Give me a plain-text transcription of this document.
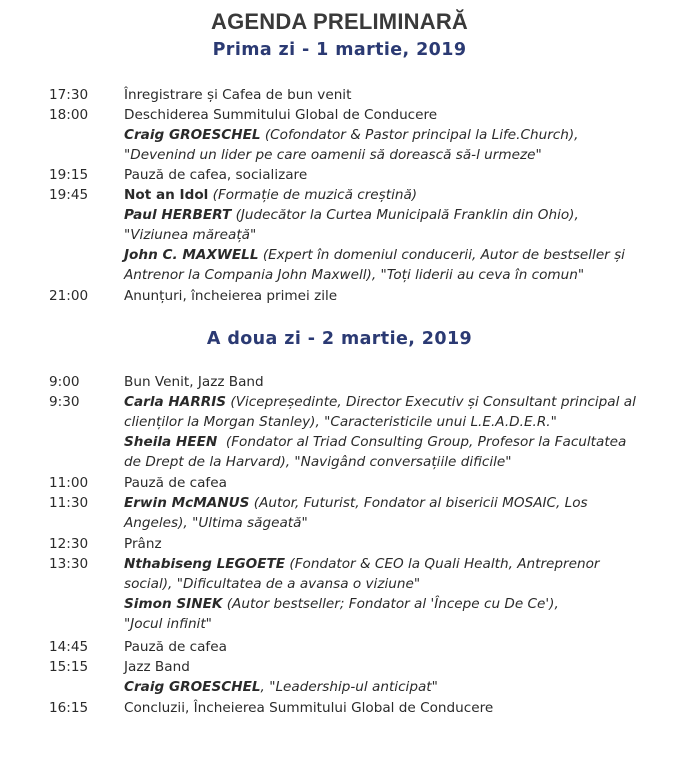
AGENDA PRELIMINARĂ
Prima zi - 1 martie, 2019
17:30	Înregistrare și Cafea de bun venit
18:00	Deschiderea Summitului Global de Conducere
Craig GROESCHEL (Cofondator & Pastor principal la Life.Church),
"Devenind un lider pe care oamenii să dorească să-l urmeze"
19:15	Pauză de cafea, socializare
19:45	Not an Idol (Formație de muzică creștină)
Paul HERBERT (Judecător la Curtea Municipală Franklin din Ohio),
"Viziunea măreață"
John C. MAXWELL (Expert în domeniul conducerii, Autor de bestseller și
Antrenor la Compania John Maxwell), "Toți liderii au ceva în comun"
21:00	Anunțuri, încheierea primei zile
A doua zi - 2 martie, 2019
9:00	Bun Venit, Jazz Band
9:30	Carla HARRIS (Vicepreședinte, Director Executiv și Consultant principal al
clienților la Morgan Stanley), "Caracteristicile unui L.E.A.D.E.R."
Sheila HEEN  (Fondator al Triad Consulting Group, Profesor la Facultatea
de Drept de la Harvard), "Navigând conversațiile dificile"
11:00	Pauză de cafea
11:30	Erwin McMANUS (Autor, Futurist, Fondator al bisericii MOSAIC, Los
Angeles), "Ultima săgeată"
12:30	Prânz
13:30	Nthabiseng LEGOETE (Fondator & CEO la Quali Health, Antreprenor
social), "Dificultatea de a avansa o viziune"
Simon SINEK (Autor bestseller; Fondator al 'Începe cu De Ce'),
"Jocul infinit"
14:45	Pauză de cafea
15:15	Jazz Band
Craig GROESCHEL, "Leadership-ul anticipat"
16:15	Concluzii, Încheierea Summitului Global de Conducere
